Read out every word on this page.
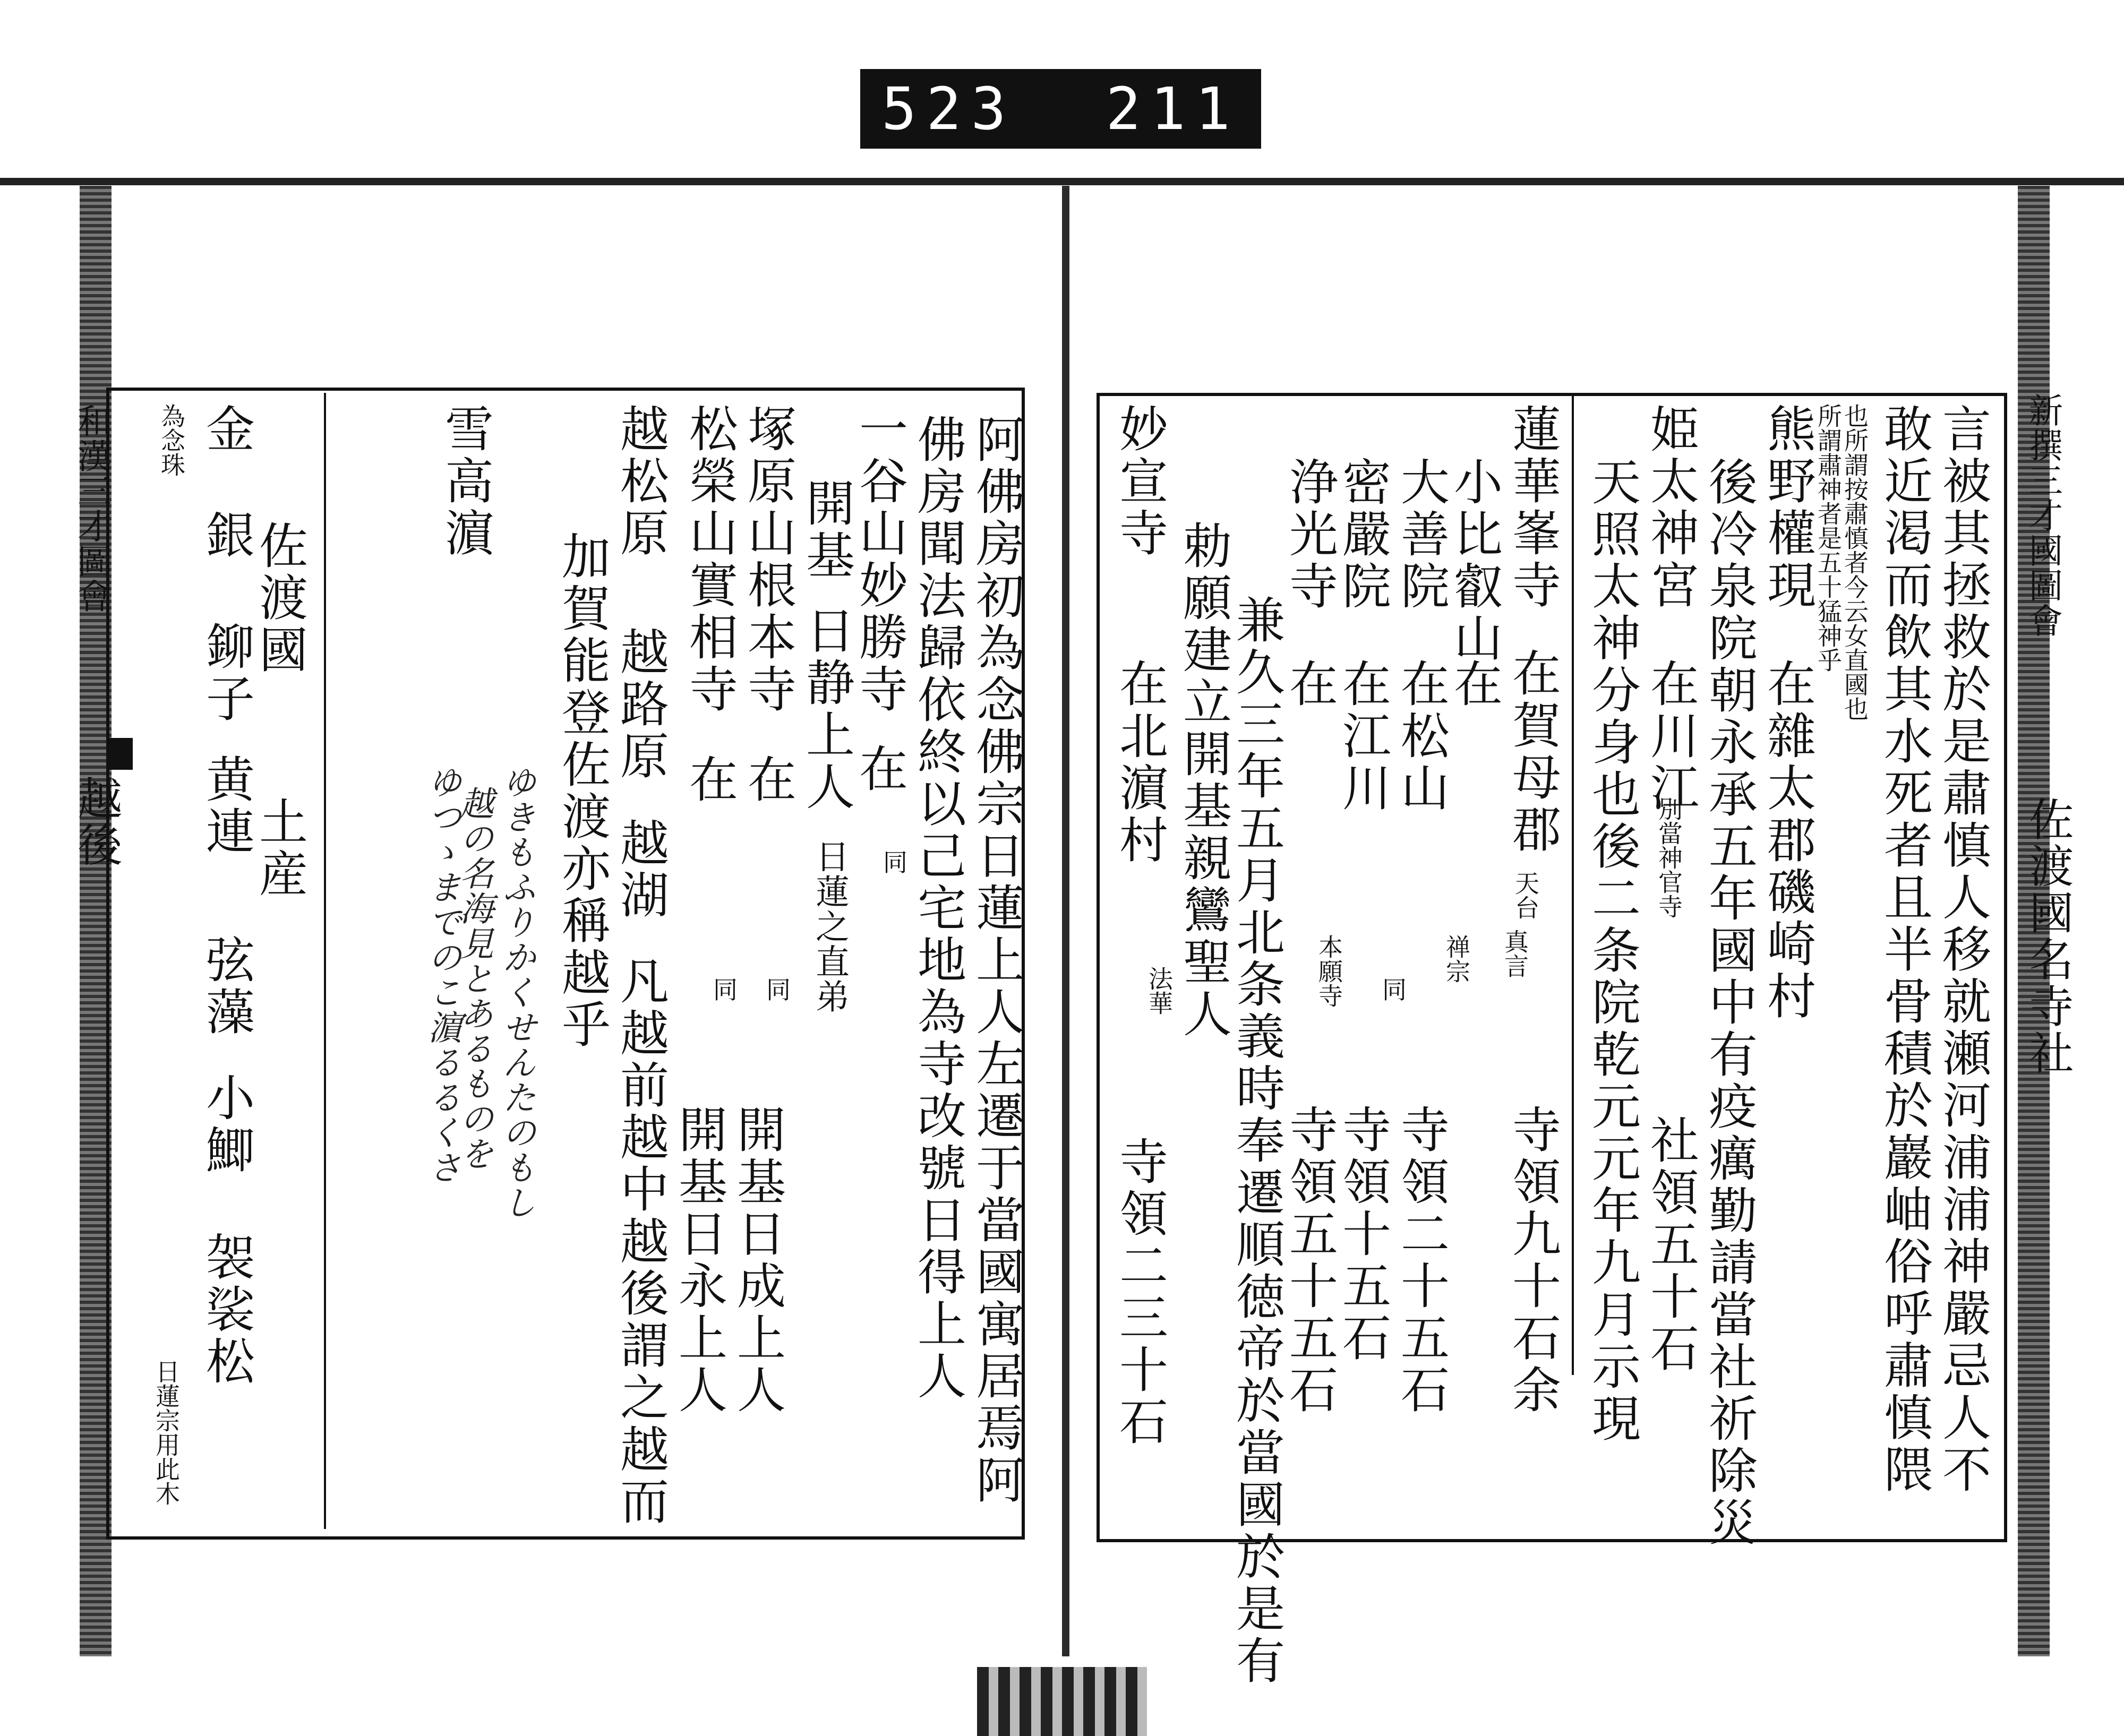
523 211
新撰三才國圖會
佐渡國名寺社
言被其拯救於是肅慎人移就瀬河浦浦神嚴忌人不
敢近渇而飲其水死者且半骨積於巖岫俗呼肅慎隈
也所謂按肅慎者今云女直國也
所謂肅神者是五十猛神乎
熊野權現
在雜太郡磯崎村
後冷泉院朝永承五年國中有疫癘勤請當社祈除災
姫太神宮
在川江
別當神官寺
社領五十石
天照太神分身也後二条院乾元元年九月示現
蓮華峯寺
在賀母郡
真言
寺領九十石余
小比叡山
在
天台
大善院
在松山
禅宗
寺領二十五石
密嚴院
在江川
同
寺領十五石
浄光寺
在
本願寺
寺領五十五石
兼久三年五月北条義時奉遷順徳帝於當國於是有
勅願建立開基親鸞聖人
妙宣寺
在北濵村
法華
寺領二三十石
和漢三才圖會
越後	阿佛房初為念佛宗日蓮上人左遷于當國寓居焉阿
佛房聞法歸依終以己宅地為寺改號日得上人
一谷山妙勝寺
在
同
開基
日静上人
日蓮之直弟
塚原山根本寺
在
同
開基日成上人
松榮山實相寺
在
同
開基日永上人
越松原
越路原
越湖
凡越前越中越後謂之越而
加賀能登佐渡亦稱越乎
ゆきもふりかくせんたのもし
越の名海見とあるものを
ゆつゝまでのこ濵るるくさ
雪高濵
佐渡國
土産
金
銀
鉚子
黄連
弦藻
小鯽
袈裟松
日蓮宗用此木
為念珠
